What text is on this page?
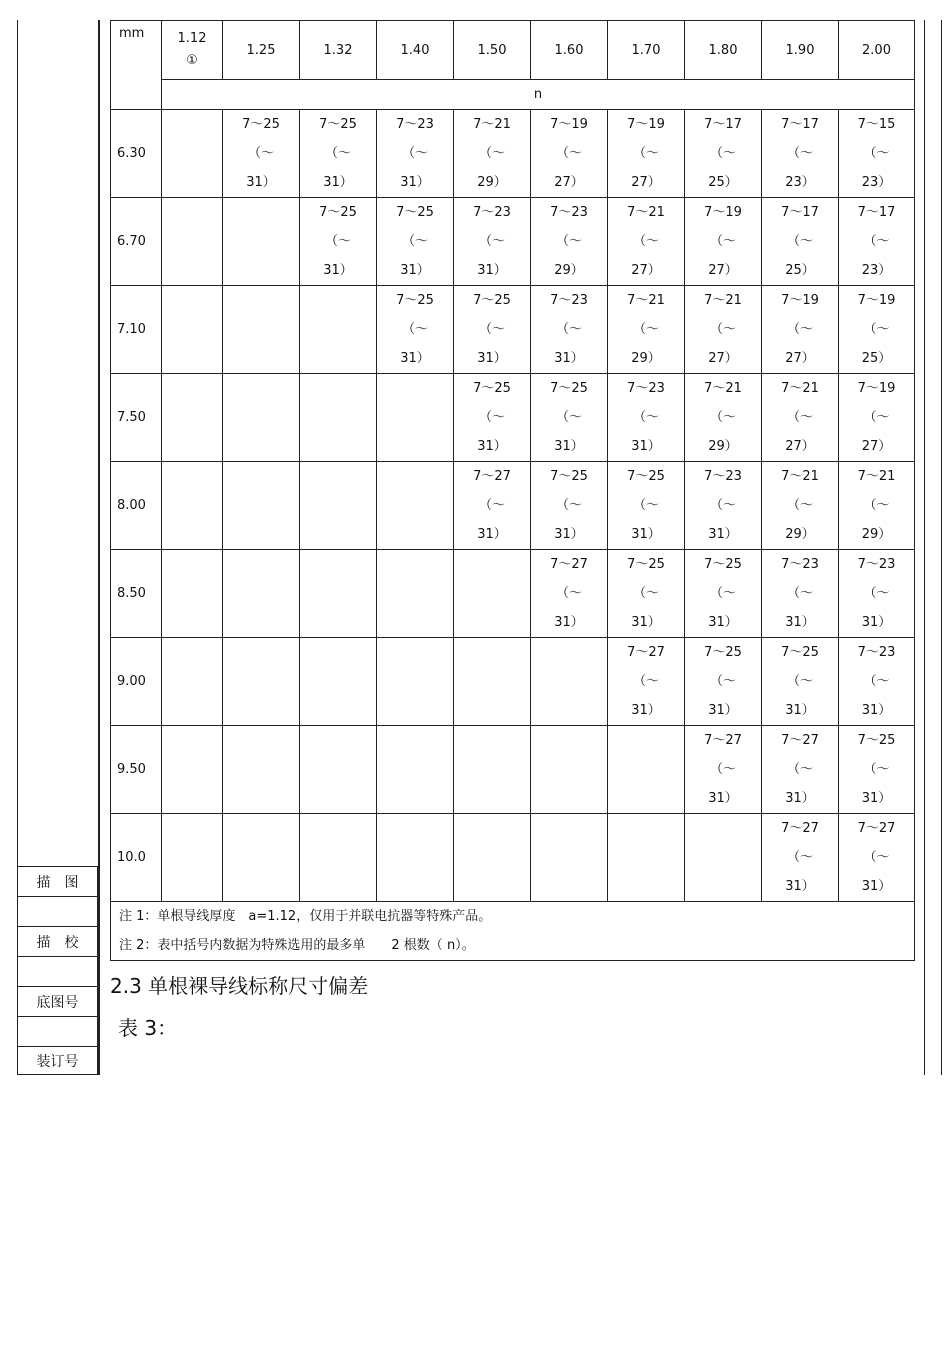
描　图
描　校
底图号
装订号
mm	1.12
①	1.25	1.32	1.40	1.50	1.60	1.70	1.80	1.90	2.00
	n									
6.30		7～25
（～
31）	7～25
（～
31）	7～23
（～
31）	7～21
（～
29）	7～19
（～
27）	7～19
（～
27）	7～17
（～
25）	7～17
（～
23）	7～15
（～
23）

6.70			7～25
（～
31）	7～25
（～
31）	7～23
（～
31）	7～23
（～
29）	7～21
（～
27）	7～19
（～
27）	7～17
（～
25）	7～17
（～
23）

7.10				7～25
（～
31）	7～25
（～
31）	7～23
（～
31）	7～21
（～
29）	7～21
（～
27）	7～19
（～
27）	7～19
（～
25）

7.50					7～25
（～
31）	7～25
（～
31）	7～23
（～
31）	7～21
（～
29）	7～21
（～
27）	7～19
（～
27）

8.00					7～27
（～
31）	7～25
（～
31）	7～25
（～
31）	7～23
（～
31）	7～21
（～
29）	7～21
（～
29）

8.50						7～27
（～
31）	7～25
（～
31）	7～25
（～
31）	7～23
（～
31）	7～23
（～
31）

9.00							7～27
（～
31）	7～25
（～
31）	7～25
（～
31）	7～23
（～
31）

9.50								7～27
（～
31）	7～27
（～
31）	7～25
（～
31）

10.0									7～27
（～
31）	7～27
（～
31）

注 1：单根导线厚度　a=1.12，仅用于并联电抗器等特殊产品。
注 2：表中括号内数据为特殊选用的最多单　　2 根数（ n）。										
2.3 单根裸导线标称尺寸偏差
表 3：
